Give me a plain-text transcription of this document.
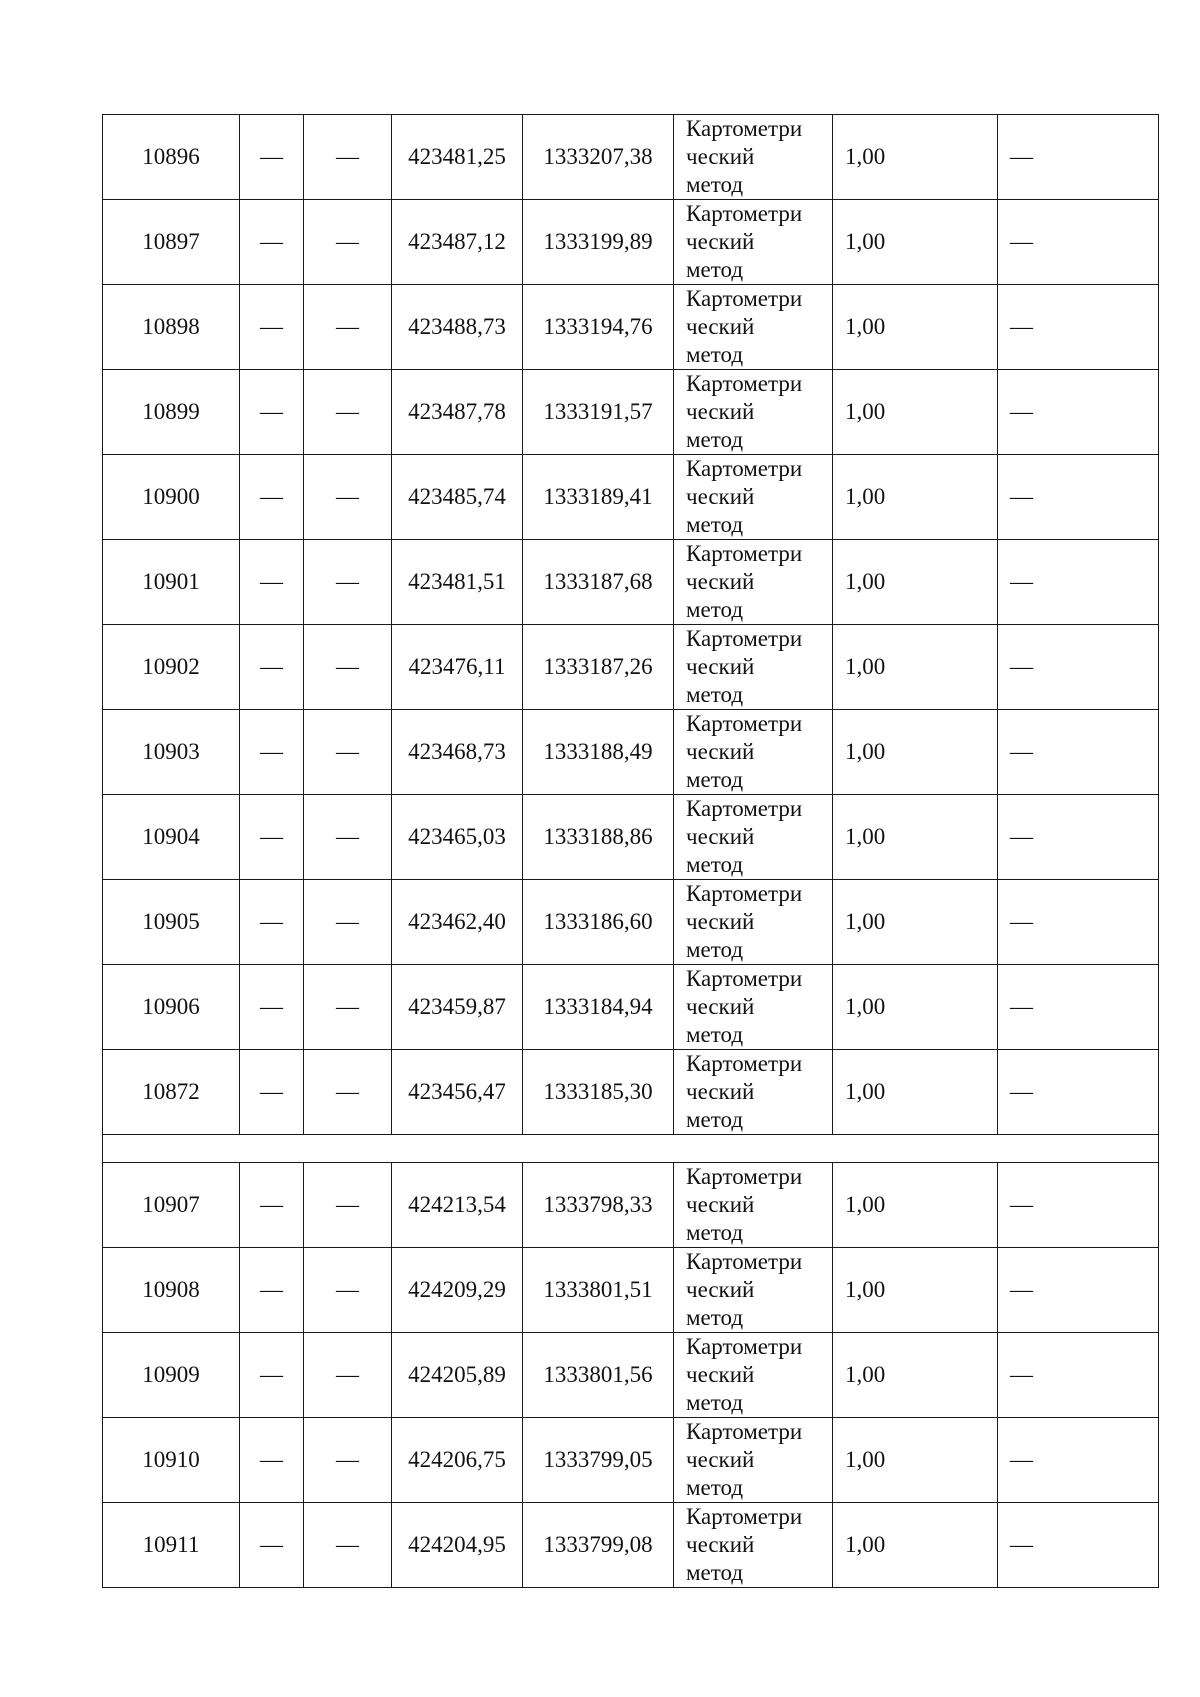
10896	—	—	423481,25	1333207,38	Картометри
ческий
метод	1,00	—
10897	—	—	423487,12	1333199,89	Картометри
ческий
метод	1,00	—
10898	—	—	423488,73	1333194,76	Картометри
ческий
метод	1,00	—
10899	—	—	423487,78	1333191,57	Картометри
ческий
метод	1,00	—
10900	—	—	423485,74	1333189,41	Картометри
ческий
метод	1,00	—
10901	—	—	423481,51	1333187,68	Картометри
ческий
метод	1,00	—
10902	—	—	423476,11	1333187,26	Картометри
ческий
метод	1,00	—
10903	—	—	423468,73	1333188,49	Картометри
ческий
метод	1,00	—
10904	—	—	423465,03	1333188,86	Картометри
ческий
метод	1,00	—
10905	—	—	423462,40	1333186,60	Картометри
ческий
метод	1,00	—
10906	—	—	423459,87	1333184,94	Картометри
ческий
метод	1,00	—
10872	—	—	423456,47	1333185,30	Картометри
ческий
метод	1,00	—

10907	—	—	424213,54	1333798,33	Картометри
ческий
метод	1,00	—
10908	—	—	424209,29	1333801,51	Картометри
ческий
метод	1,00	—
10909	—	—	424205,89	1333801,56	Картометри
ческий
метод	1,00	—
10910	—	—	424206,75	1333799,05	Картометри
ческий
метод	1,00	—
10911	—	—	424204,95	1333799,08	Картометри
ческий
метод	1,00	—
